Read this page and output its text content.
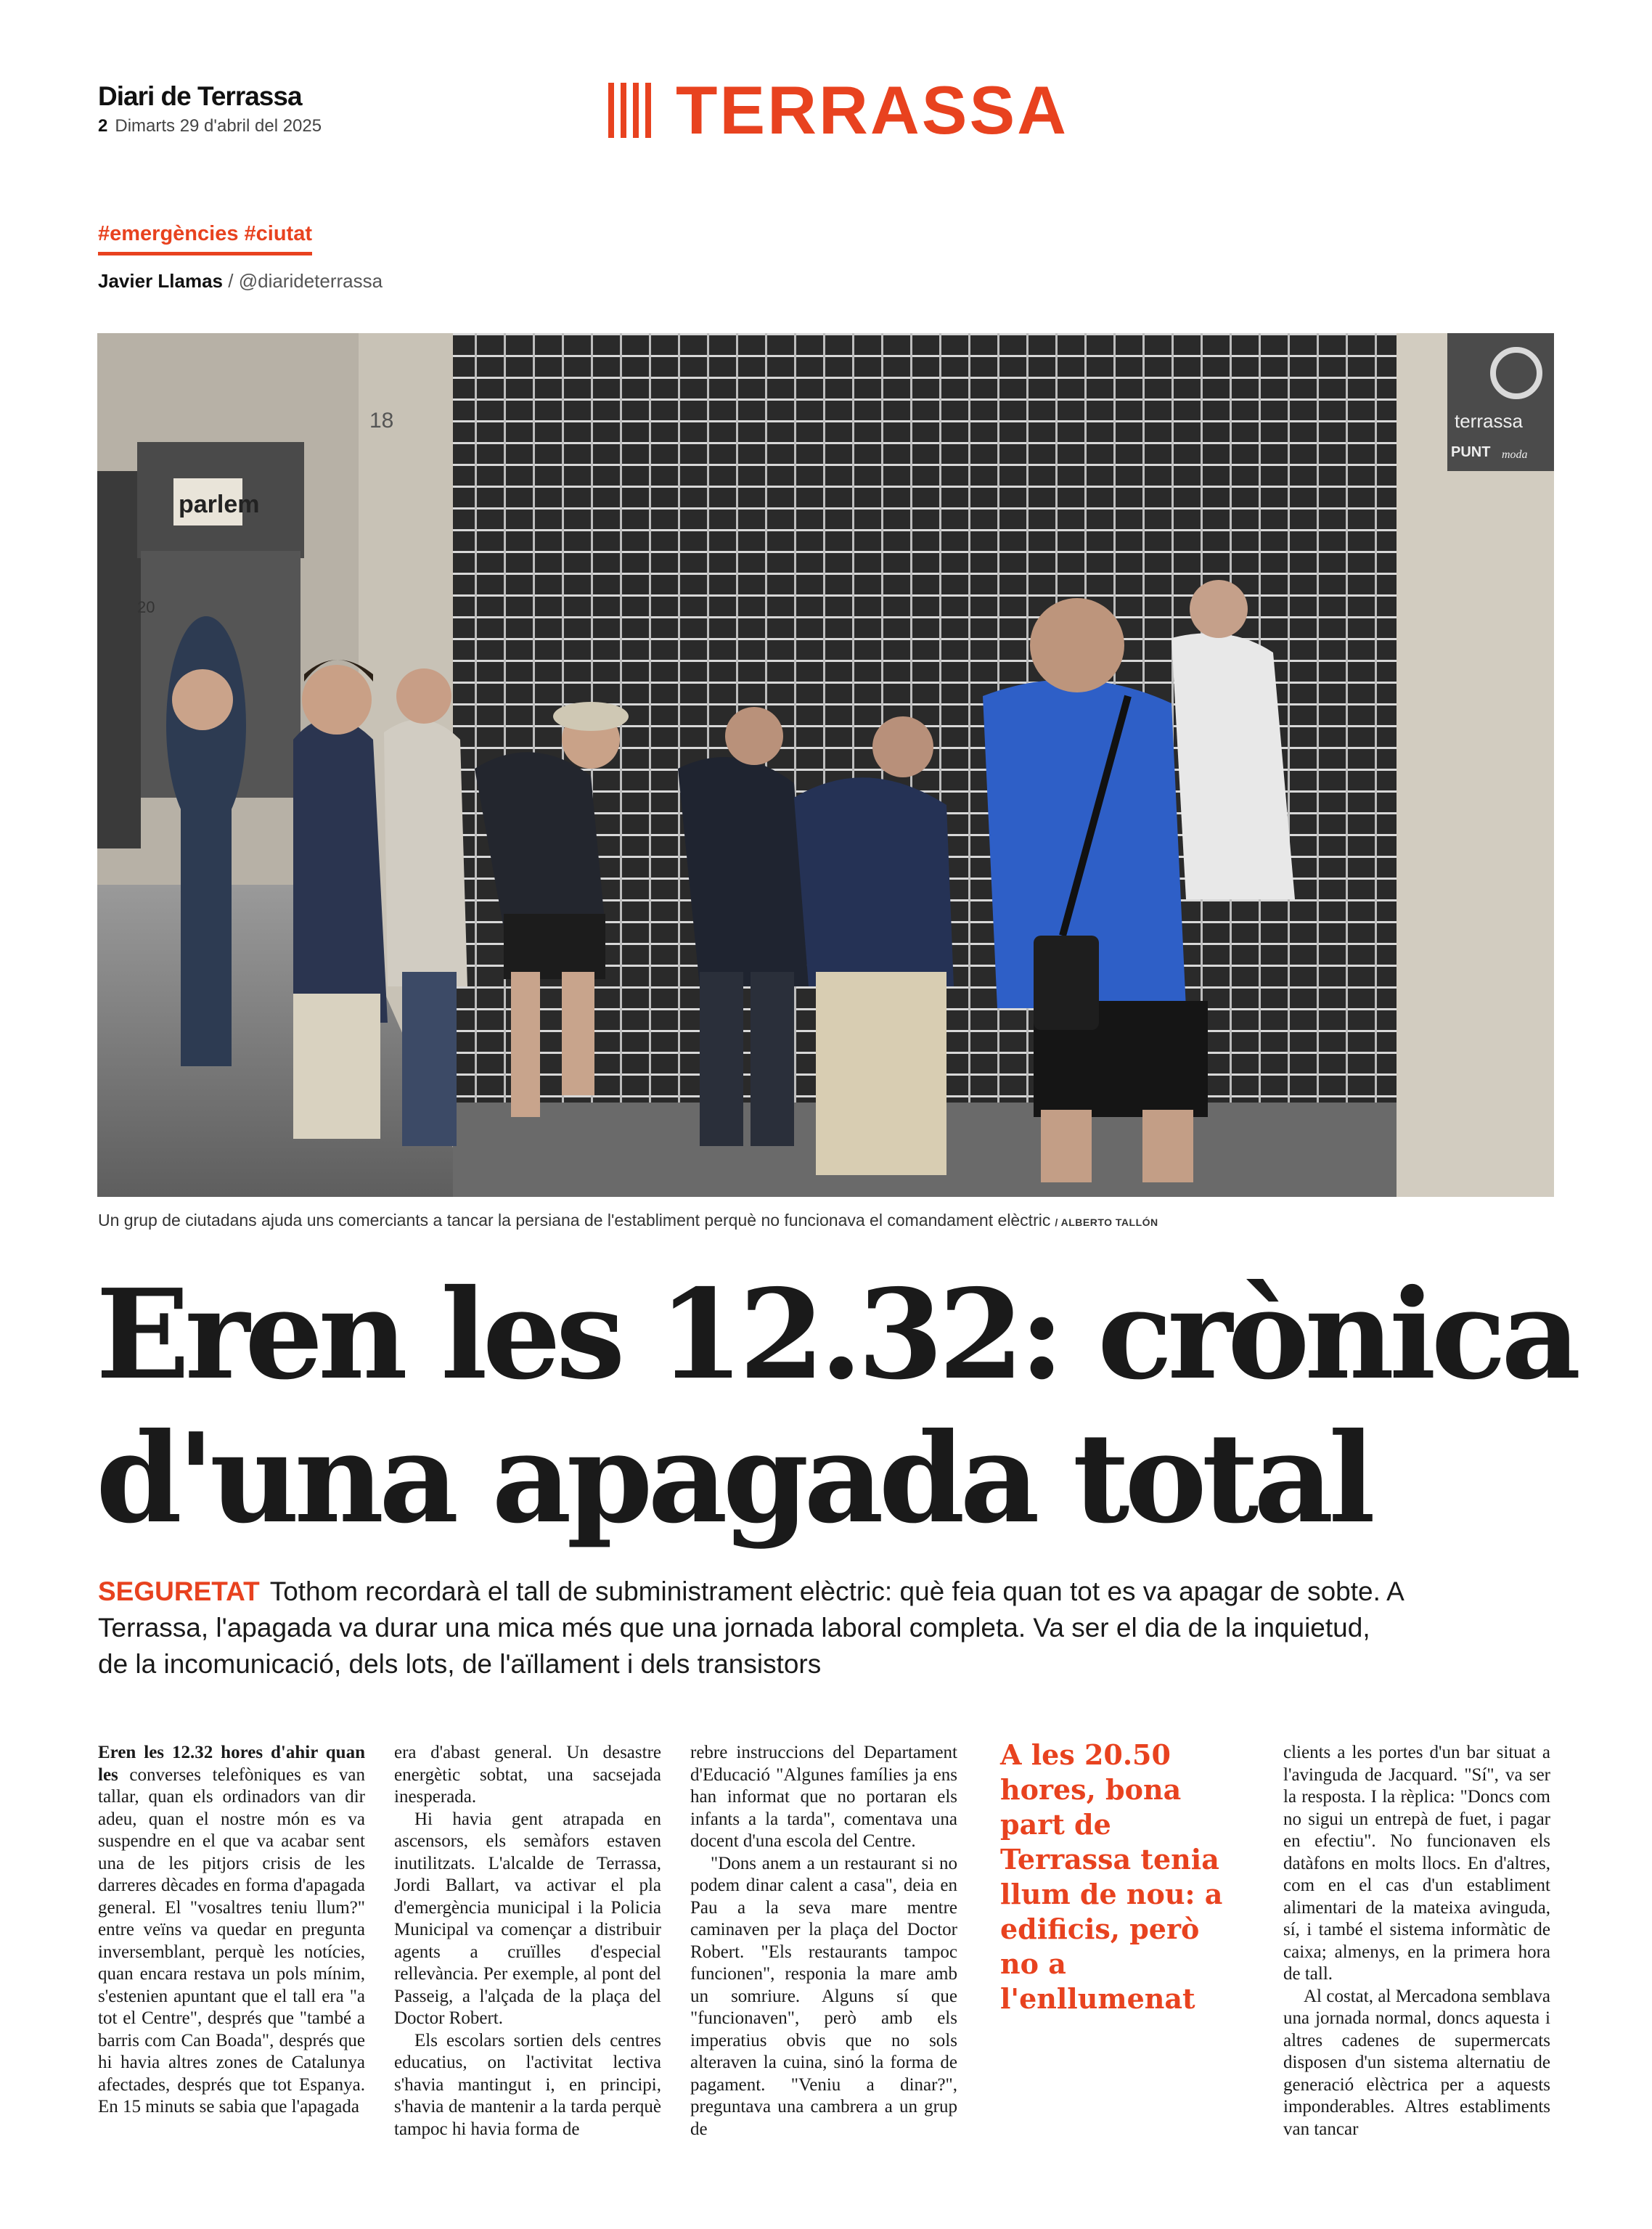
Diari de Terrassa
2 Dimarts 29 d'abril del 2025	TERRASSA
#emergències #ciutat
Javier Llamas / @diarideterrassa
parlem
18
20
terrassa
PUNT moda
Un grup de ciutadans ajuda uns comerciants a tancar la persiana de l'establiment perquè no funcionava el comandament elèctric / ALBERTO TALLÓN
Eren les 12.32: crònica
d'una apagada total

SEGURETAT Tothom recordarà el tall de subministrament elèctric: què feia quan tot es va apagar de sobte. A Terrassa, l'apagada va durar una mica més que una jornada laboral completa. Va ser el dia de la inquietud, de la incomunicació, dels lots, de l'aïllament i dels transistors

Eren les 12.32 hores d'ahir quan les converses telefòniques es van tallar, quan els ordinadors van dir adeu, quan el nostre món es va suspendre en el que va acabar sent una de les pitjors crisis de les darreres dècades en forma d'apagada general. El "vosaltres teniu llum?" entre veïns va quedar en pregunta inversemblant, perquè les notícies, quan encara restava un pols mínim, s'estenien apuntant que el tall era "a tot el Centre", després que "també a barris com Can Boada", després que hi havia altres zones de Catalunya afectades, després que tot Espanya. En 15 minuts se sabia que l'apagada

era d'abast general. Un desastre energètic sobtat, una sacsejada inesperada.

Hi havia gent atrapada en ascensors, els semàfors estaven inutilitzats. L'alcalde de Terrassa, Jordi Ballart, va activar el pla d'emergència municipal i la Policia Municipal va començar a distribuir agents a cruïlles d'especial rellevància. Per exemple, al pont del Passeig, a l'alçada de la plaça del Doctor Robert.

Els escolars sortien dels centres educatius, on l'activitat lectiva s'havia mantingut i, en principi, s'havia de mantenir a la tarda perquè tampoc hi havia forma de

rebre instruccions del Departament d'Educació "Algunes famílies ja ens han informat que no portaran els infants a la tarda", comentava una docent d'una escola del Centre.

"Dons anem a un restaurant si no podem dinar calent a casa", deia en Pau a la seva mare mentre caminaven per la plaça del Doctor Robert. "Els restaurants tampoc funcionen", responia la mare amb un somriure. Alguns sí que "funcionaven", però amb els imperatius obvis que no sols alteraven la cuina, sinó la forma de pagament. "Veniu a dinar?", preguntava una cambrera a un grup de

A les 20.50 hores, bona part de Terrassa tenia llum de nou: a edificis, però no a l'enllumenat

clients a les portes d'un bar situat a l'avinguda de Jacquard. "Sí", va ser la resposta. I la rèplica: "Doncs com no sigui un entrepà de fuet, i pagar en efectiu". No funcionaven els datàfons en molts llocs. En d'altres, com en el cas d'un establiment alimentari de la mateixa avinguda, sí, i també el sistema informàtic de caixa; almenys, en la primera hora de tall.

Al costat, al Mercadona semblava una jornada normal, doncs aquesta i altres cadenes de supermercats disposen d'un sistema alternatiu de generació elèctrica per a aquests imponderables. Altres establiments van tancar
